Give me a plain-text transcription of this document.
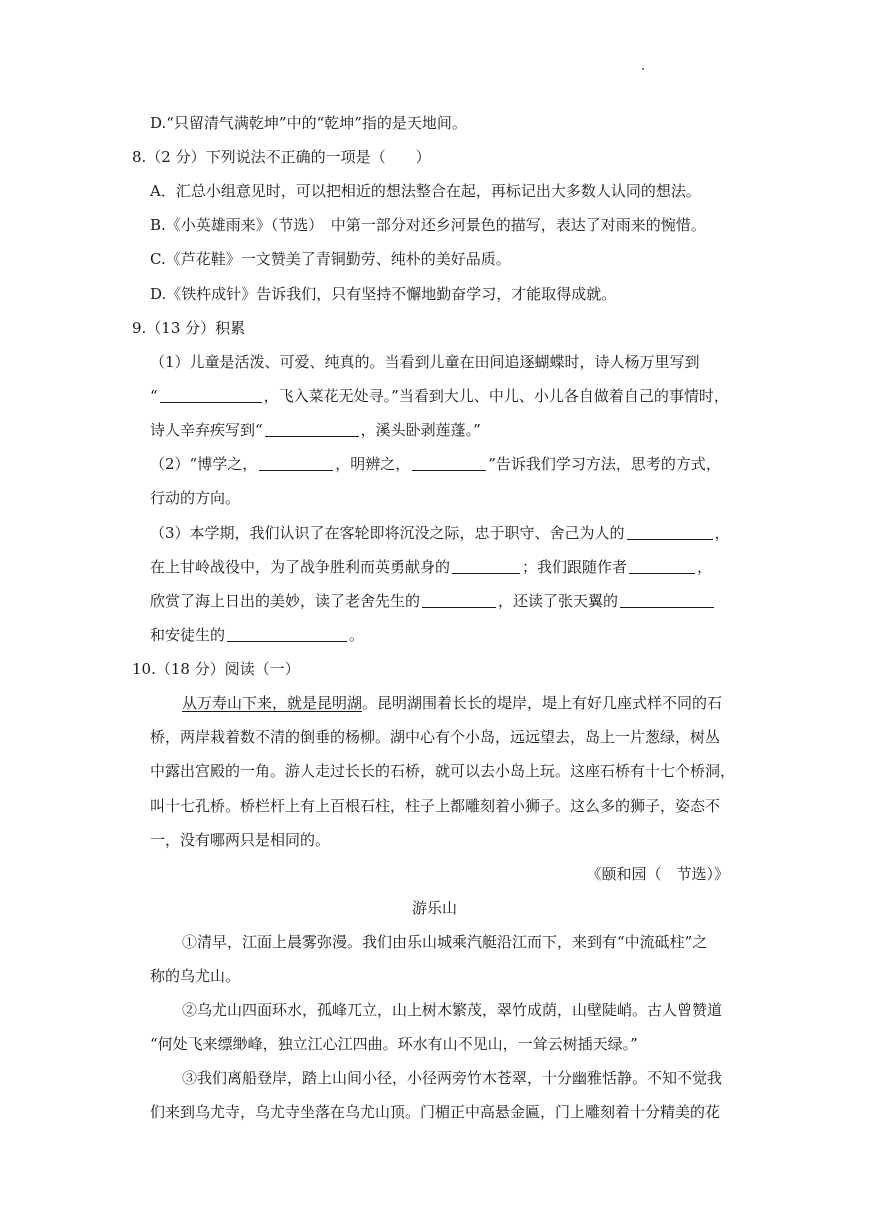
D.“只留清气满乾坤”中的“乾坤”指的是天地间。
8.（2 分）下列说法不正确的一项是（　　）
A．汇总小组意见时，可以把相近的想法整合在起，再标记出大多数人认同的想法。
B.《小英雄雨来》（节选）　中第一部分对还乡河景色的描写，表达了对雨来的惋惜。
C.《芦花鞋》一文赞美了青铜勤劳、纯朴的美好品质。
D.《铁杵成针》告诉我们，只有坚持不懈地勤奋学习，才能取得成就。
9.（13 分）积累
（1）儿童是活泼、可爱、纯真的。当看到儿童在田间追逐蝴蝶时，诗人杨万里写到
“	，飞入菜花无处寻。”当看到大儿、中儿、小儿各自做着自己的事情时，
诗人辛弃疾写到“	，溪头卧剥莲蓬。”
（2）“博学之，	，明辨之，	”告诉我们学习方法，思考的方式，
行动的方向。
（3）本学期，我们认识了在客轮即将沉没之际，忠于职守、舍己为人的	，
在上甘岭战役中，为了战争胜利而英勇献身的	；我们跟随作者	，
欣赏了海上日出的美妙，读了老舍先生的	，还读了张天翼的
和安徒生的	。
10.（18 分）阅读（一）
从万寿山下来，就是昆明湖。昆明湖围着长长的堤岸，堤上有好几座式样不同的石
桥，两岸栽着数不清的倒垂的杨柳。湖中心有个小岛，远远望去，岛上一片葱绿，树丛
中露出宫殿的一角。游人走过长长的石桥，就可以去小岛上玩。这座石桥有十七个桥洞，
叫十七孔桥。桥栏杆上有上百根石柱，柱子上都雕刻着小狮子。这么多的狮子，姿态不
一，没有哪两只是相同的。
《颐和园（　节选）》
游乐山
①清早，江面上晨雾弥漫。我们由乐山城乘汽艇沿江而下，来到有“中流砥柱”之
称的乌尤山。
②乌尤山四面环水，孤峰兀立，山上树木繁茂，翠竹成荫，山壁陡峭。古人曾赞道
“何处飞来缥缈峰，独立江心江四曲。环水有山不见山，一耸云树插天绿。”
③我们离船登岸，踏上山间小径，小径两旁竹木苍翠，十分幽雅恬静。不知不觉我
们来到乌尤寺，乌尤寺坐落在乌尤山顶。门楣正中高悬金匾，门上雕刻着十分精美的花
